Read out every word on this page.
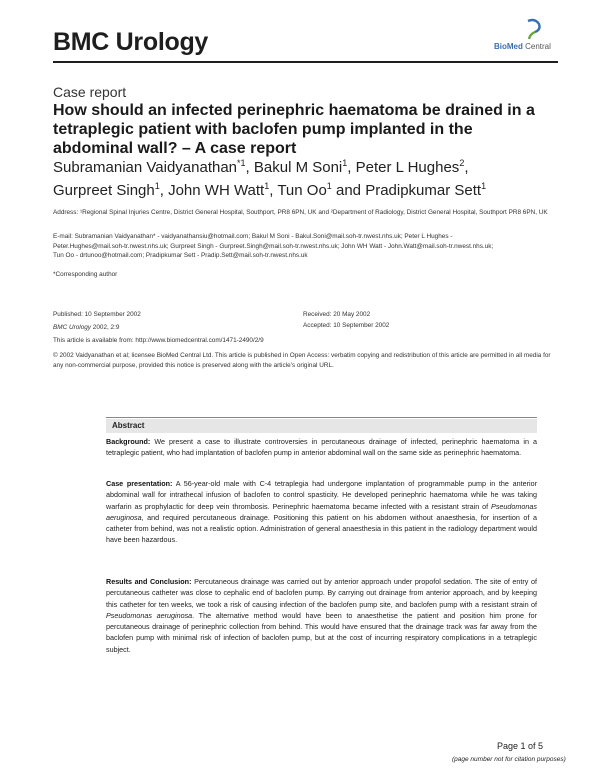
BMC Urology	BioMed Central
Case report
How should an infected perinephric haematoma be drained in a tetraplegic patient with baclofen pump implanted in the abdominal wall? – A case report
Subramanian Vaidyanathan$^{*1}$, Bakul M Soni$^1$, Peter L Hughes$^2$,
Gurpreet Singh$^1$, John WH Watt$^1$, Tun Oo$^1$ and Pradipkumar Sett$^1$
Address: ¹Regional Spinal Injuries Centre, District General Hospital, Southport, PR8 6PN, UK and ²Department of Radiology, District General Hospital, Southport PR8 6PN, UK
E-mail: Subramanian Vaidyanathan* - vaidyanathansiu@hotmail.com; Bakul M Soni - Bakul.Soni@mail.soh-tr.nwest.nhs.uk; Peter L Hughes - Peter.Hughes@mail.soh-tr.nwest.nhs.uk; Gurpreet Singh - Gurpreet.Singh@mail.soh-tr.nwest.nhs.uk; John WH Watt - John.Watt@mail.soh-tr.nwest.nhs.uk; Tun Oo - drtunoo@hotmail.com; Pradipkumar Sett - Pradip.Sett@mail.soh-tr.nwest.nhs.uk
*Corresponding author
Published: 10 September 2002
BMC Urology 2002, 2:9
Received: 20 May 2002
Accepted: 10 September 2002
This article is available from: http://www.biomedcentral.com/1471-2490/2/9
© 2002 Vaidyanathan et al; licensee BioMed Central Ltd. This article is published in Open Access: verbatim copying and redistribution of this article are permitted in all media for any non-commercial purpose, provided this notice is preserved along with the article's original URL.
Abstract
Background: We present a case to illustrate controversies in percutaneous drainage of infected, perinephric haematoma in a tetraplegic patient, who had implantation of baclofen pump in anterior abdominal wall on the same side as perinephric haematoma.
Case presentation: A 56-year-old male with C-4 tetraplegia had undergone implantation of programmable pump in the anterior abdominal wall for intrathecal infusion of baclofen to control spasticity. He developed perinephric haematoma while he was taking warfarin as prophylactic for deep vein thrombosis. Perinephric haematoma became infected with a resistant strain of Pseudomonas aeruginosa, and required percutaneous drainage. Positioning this patient on his abdomen without anaesthesia, for insertion of a catheter from behind, was not a realistic option. Administration of general anaesthesia in this patient in the radiology department would have been hazardous.
Results and Conclusion: Percutaneous drainage was carried out by anterior approach under propofol sedation. The site of entry of percutaneous catheter was close to cephalic end of baclofen pump. By carrying out drainage from anterior approach, and by keeping this catheter for ten weeks, we took a risk of causing infection of the baclofen pump site, and baclofen pump with a resistant strain of Pseudomonas aeruginosa. The alternative method would have been to anaesthetise the patient and position him prone for percutaneous drainage of perinephric collection from behind. This would have ensured that the drainage track was far away from the baclofen pump with minimal risk of infection of baclofen pump, but at the cost of incurring respiratory complications in a tetraplegic subject.
Page 1 of 5
(page number not for citation purposes)
